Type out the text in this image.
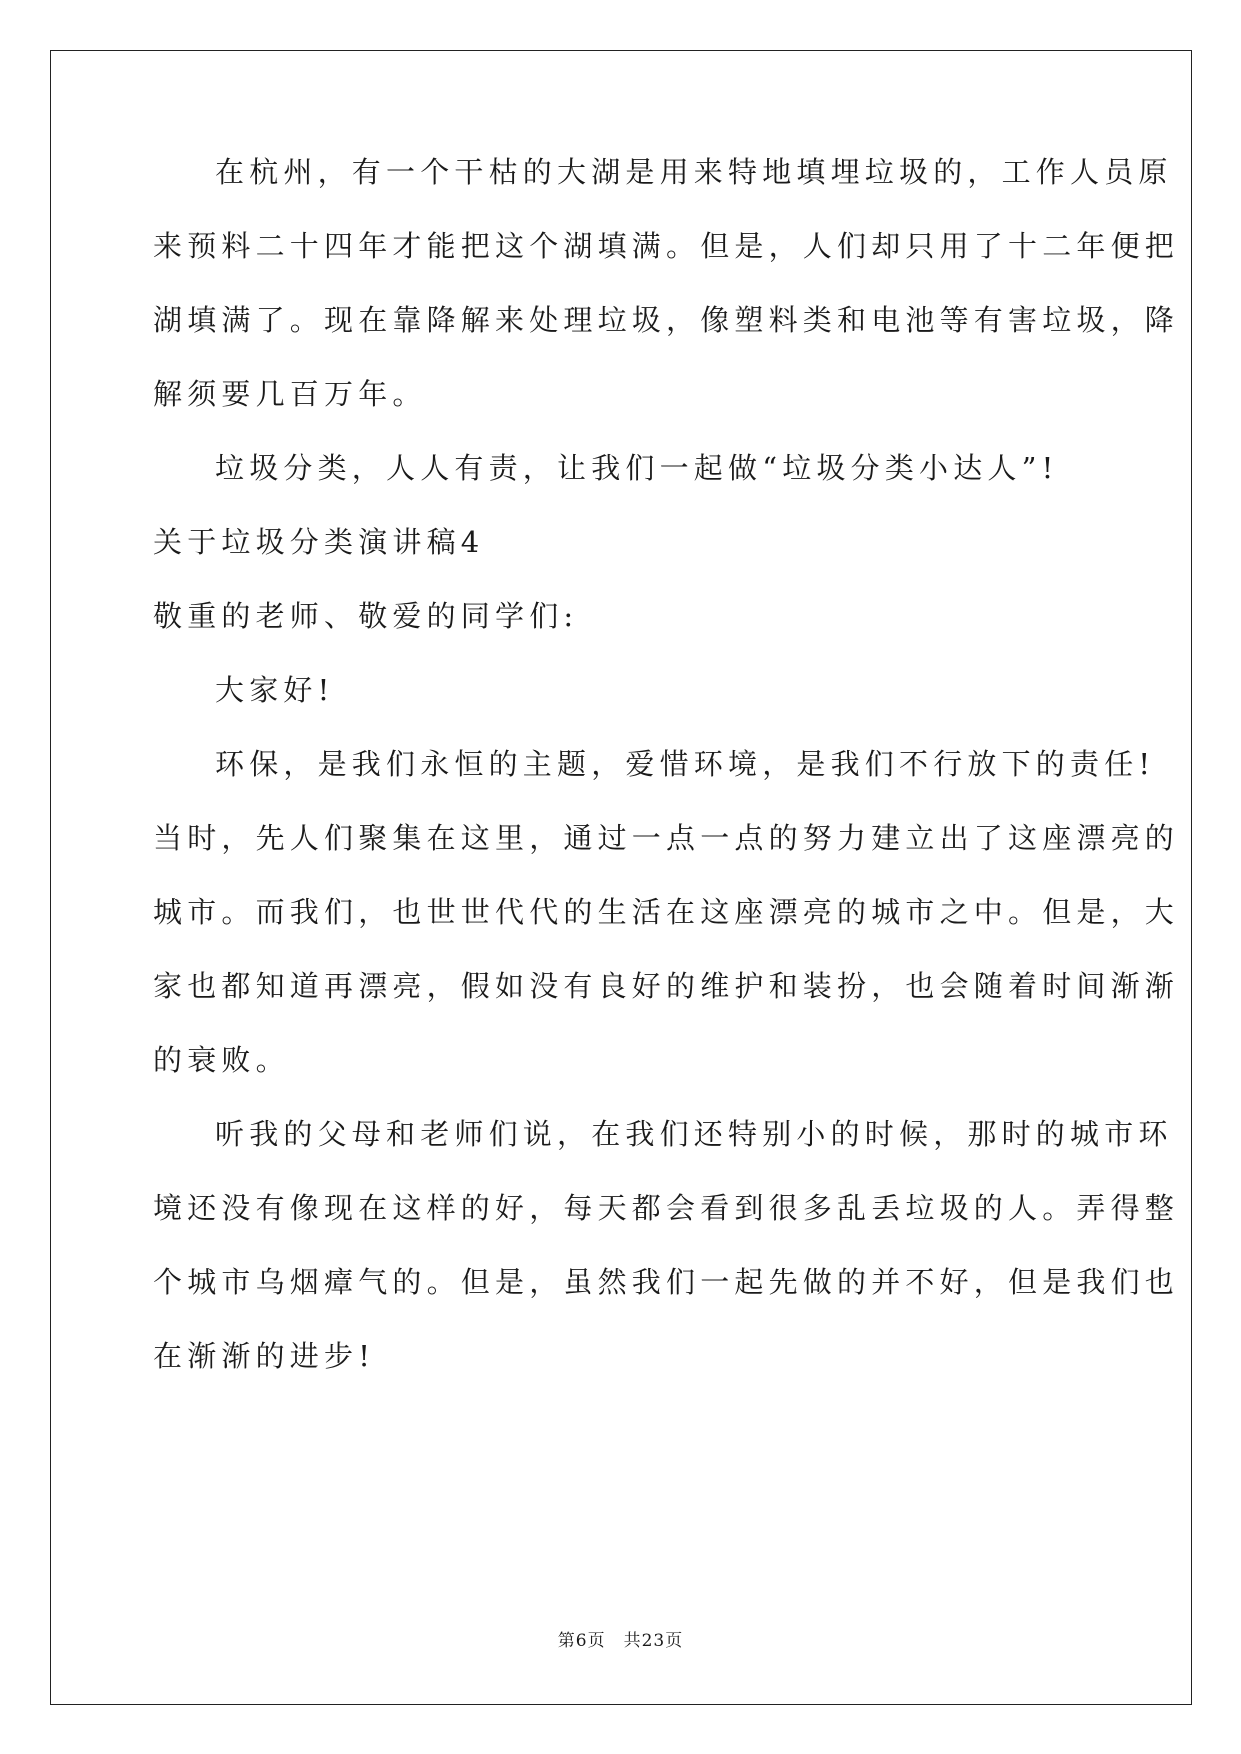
在杭州，有一个干枯的大湖是用来特地填埋垃圾的，工作人员原
来预料二十四年才能把这个湖填满。但是，人们却只用了十二年便把
湖填满了。现在靠降解来处理垃圾，像塑料类和电池等有害垃圾，降
解须要几百万年。
垃圾分类，人人有责，让我们一起做“垃圾分类小达人”!
关于垃圾分类演讲稿4
敬重的老师、敬爱的同学们:
大家好!
环保，是我们永恒的主题，爱惜环境，是我们不行放下的责任!
当时，先人们聚集在这里，通过一点一点的努力建立出了这座漂亮的
城市。而我们，也世世代代的生活在这座漂亮的城市之中。但是，大
家也都知道再漂亮，假如没有良好的维护和装扮，也会随着时间渐渐
的衰败。
听我的父母和老师们说，在我们还特别小的时候，那时的城市环
境还没有像现在这样的好，每天都会看到很多乱丢垃圾的人。弄得整
个城市乌烟瘴气的。但是，虽然我们一起先做的并不好，但是我们也
在渐渐的进步!
第6页 共23页
